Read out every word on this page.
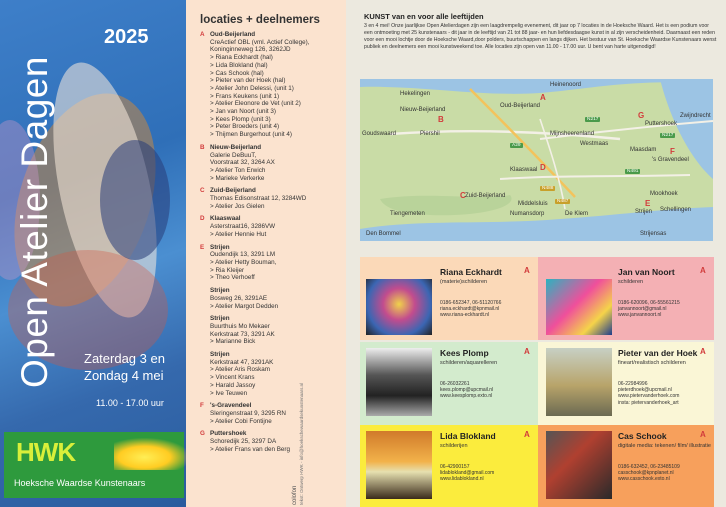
2025
Open Atelier Dagen Zaterdag 3 en
Zondag 4 mei
11.00 - 17.00 uur
HWK
Hoeksche Waardse Kunstenaars
locaties + deelnemers
A Oud-Beijerland
CreActief OBL (vml. Actief College),
Koninginneweg 126, 3262JD
> Riana Eckhardt (hal)
> Lida Blokland (hal)
> Cas Schook (hal)
> Pieter van der Hoek (hal)
> Atelier John Delessi, (unit 1)
> Frans Keukens (unit 1)
> Atelier Eleonore de Vet (unit 2)
> Jan van Noort (unit 3)
> Kees Plomp (unit 3)
> Peter Broeders (unit 4)
> Thijmen Burgerhout (unit 4)
B Nieuw-Beijerland
Galerie DeBuuT,
Voorstraat 32, 3264 AX
> Atelier Ton Erwich
> Marieke Verkerke
C Zuid-Beijerland
Thomas Edisonstraat 12, 3284WD
> Atelier Jos Gielen
D Klaaswaal
Asterstraat16, 3286VW
> Atelier Hennie Hut
E Strijen
Oudendijk 13, 3291 LM
> Atelier Hetty Bouman,
> Ria Kleijer
> Theo Verhoeff
Strijen
Bosweg 26, 3291AE
> Atelier Margot Dedden
Strijen
Buurthuis Mo Mekaer
Kerkstraat 73, 3291 AK
> Marianne Bick
Strijen
Kerkstraat 47, 3291AK
> Atelier Aris Roskam
> Vincent Krans
> Harald Jassoy
> Ive Teuwen
F 's-Gravendeel
Sleringenstraat 9, 3295 RN
> Atelier Cobi Fontijne
G Puttershoek
Schoredijk 25, 3297 DA
> Atelier Frans van den Berg
colofon
tekst: Ontwerp HWK - info@hoekschewaardsekunstenaars.nl
KUNST van en voor alle leeftijden
3 en 4 mei! Onze jaarlijkse Open Atelierdagen zijn een laagdrempelig evenement, dit jaar op 7 locaties in de Hoeksche Waard. Het is een podium voor een ontmoeting met 25 kunstenaars - dit jaar in de leeftijd van 21 tot 88 jaar- en hun liefdesdaagse kunst in al zijn verscheidenheid. Daarnaast een reden voor een mooi lochtje door de Hoeksche Waard,door polders, buurtschappen en langs dijken. Het bestuur van St. Hoeksche Waardse Kunstenaars wenst publiek en deelnemers een mooi kunstweekend toe. Alle locaties zijn open van 11.00 - 17.00 uur. U bent van harte uitgenodigd!
Heinenoord
Hekelingen
Nieuw-Beijerland
Oud-Beijerland
Goudswaard	Piershil	Mijnsheerenland
Westmaas
Puttershoek
Zwijndrecht
Maasdam
's Gravendeel
Klaaswaal
Zuid-Beijerland
Tiengemeten
Middelsluis
Numansdorp	De Klem
Mookhoek
Strijen
Strijensas
Den Bommel
Schellingen
N217
A29
N217
N491
N488
N487
A
B
C
D
E
F
G
Riana Eckhardt	A
(materie)schilderen
0186-652347, 06-51120766
riana.eckhardt@kpnmail.nl
www.riana-eckhardt.nl
Jan van Noort	A
schilderen
0186-620096, 06-55561215
janvannoort@gmail.nl
www.janvannoort.nl
Kees Plomp	A
schilderen/aquarelleren
06-26032261
kees.plomp@upcmail.nl
www.keesplomp.exto.nl
Pieter van der Hoek A
fineart/realistisch schilderen
06-22984996
pieterdhoek@upcmail.nl
www.pietervanderhoek.com
insta: pietervanderhoek_art
Lida Blokland	A
schilderijen
06-42900157
lidablokland@gmail.com
www.lidablokland.nl
Cas Schook	A
digitale media: tekenen/ film/ illustratie
0186-632452, 06-23485109
casschook@kpnplanet.nl
www.casschook.exto.nl
